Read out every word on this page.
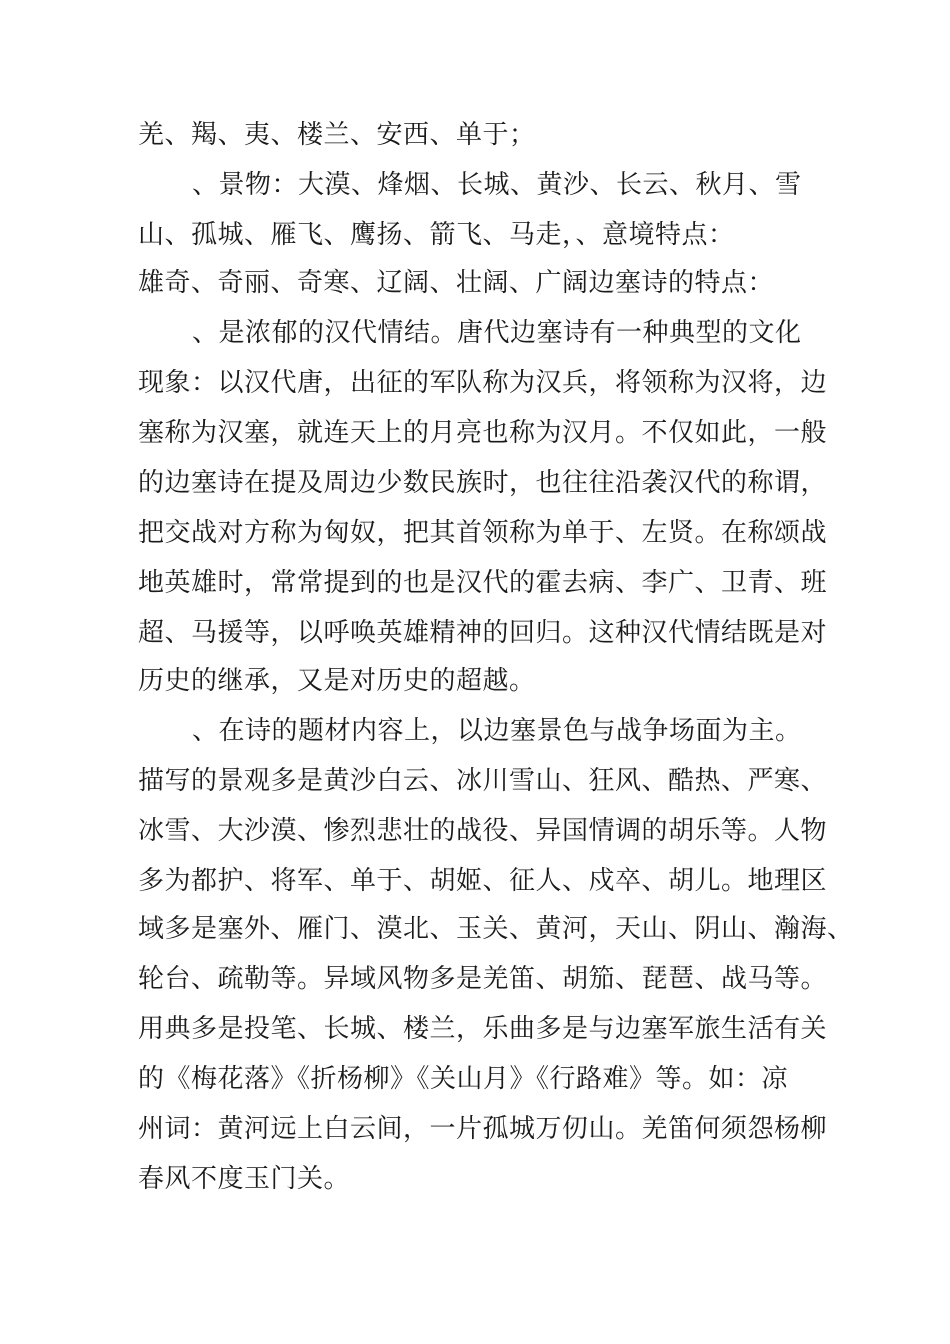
羌、羯、夷、楼兰、安西、单于；
、景物：大漠、烽烟、长城、黄沙、长云、秋月、雪
山、孤城、雁飞、鹰扬、箭飞、马走，、意境特点：
雄奇、奇丽、奇寒、辽阔、壮阔、广阔边塞诗的特点：
、是浓郁的汉代情结。唐代边塞诗有一种典型的文化
现象：以汉代唐，出征的军队称为汉兵，将领称为汉将，边
塞称为汉塞，就连天上的月亮也称为汉月。不仅如此，一般
的边塞诗在提及周边少数民族时，也往往沿袭汉代的称谓，
把交战对方称为匈奴，把其首领称为单于、左贤。在称颂战
地英雄时，常常提到的也是汉代的霍去病、李广、卫青、班
超、马援等，以呼唤英雄精神的回归。这种汉代情结既是对
历史的继承，又是对历史的超越。
、在诗的题材内容上，以边塞景色与战争场面为主。
描写的景观多是黄沙白云、冰川雪山、狂风、酷热、严寒、
冰雪、大沙漠、惨烈悲壮的战役、异国情调的胡乐等。人物
多为都护、将军、单于、胡姬、征人、戍卒、胡儿。地理区
域多是塞外、雁门、漠北、玉关、黄河，天山、阴山、瀚海、
轮台、疏勒等。异域风物多是羌笛、胡笳、琵琶、战马等。
用典多是投笔、长城、楼兰，乐曲多是与边塞军旅生活有关
的《梅花落》《折杨柳》《关山月》《行路难》等。如：凉
州词：黄河远上白云间，一片孤城万仞山。羌笛何须怨杨柳
春风不度玉门关。
